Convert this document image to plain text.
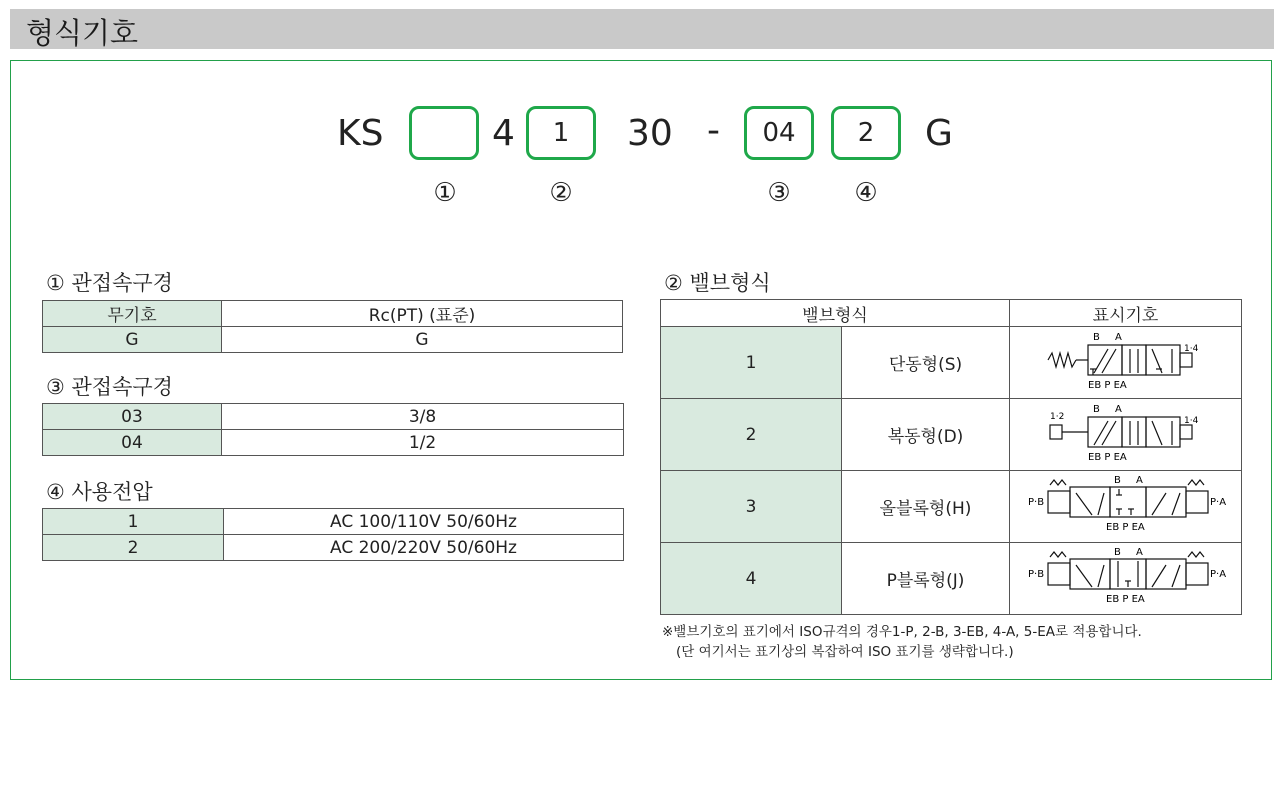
형식기호
KS	4	1	30 -	04	2	G
①	②	③	④
① 관접속구경
무기호	Rc(PT) (표준)
G	G
③ 관접속구경
03	3/8
04	1/2
④ 사용전압
1	AC 100/110V 50/60Hz
2	AC 200/220V 50/60Hz
② 밸브형식
밸브형식		표시기호
1	단동형(S)	B A
1·4
EB P EA

2	복동형(D)	1·2
B A
1·4
EB P EA

3	올블록형(H)	P·B P·A
B A
EB P EA

4	P블록형(J)	P·B P·A
B A
EB P EA
※밸브기호의 표기에서 ISO규격의 경우1-P, 2-B, 3-EB, 4-A, 5-EA로 적용합니다.
(단 여기서는 표기상의 복잡하여 ISO 표기를 생략합니다.)
